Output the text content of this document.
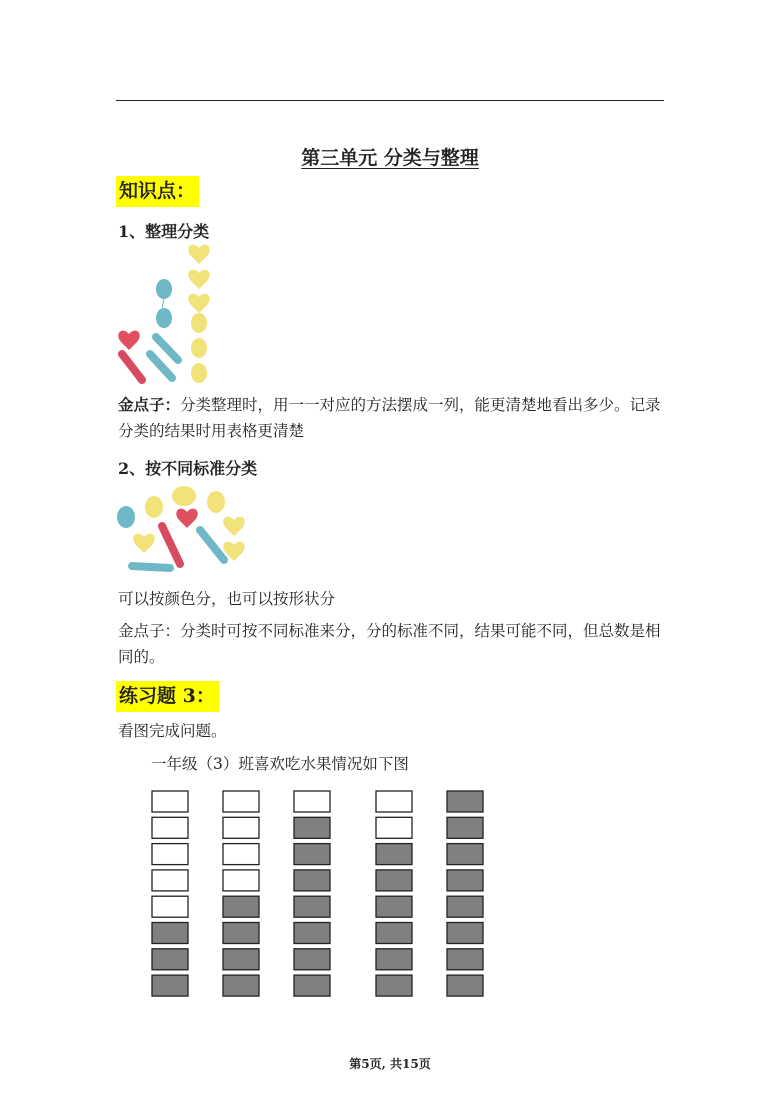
第三单元 分类与整理
知识点：
1、整理分类
金点子：分类整理时，用一一对应的方法摆成一列，能更清楚地看出多少。记录
分类的结果时用表格更清楚
2、按不同标准分类
可以按颜色分，也可以按形状分
金点子：分类时可按不同标准来分，分的标准不同，结果可能不同，但总数是相
同的。
练习题 3：
看图完成问题。
一年级（3）班喜欢吃水果情况如下图
第5页, 共15页
